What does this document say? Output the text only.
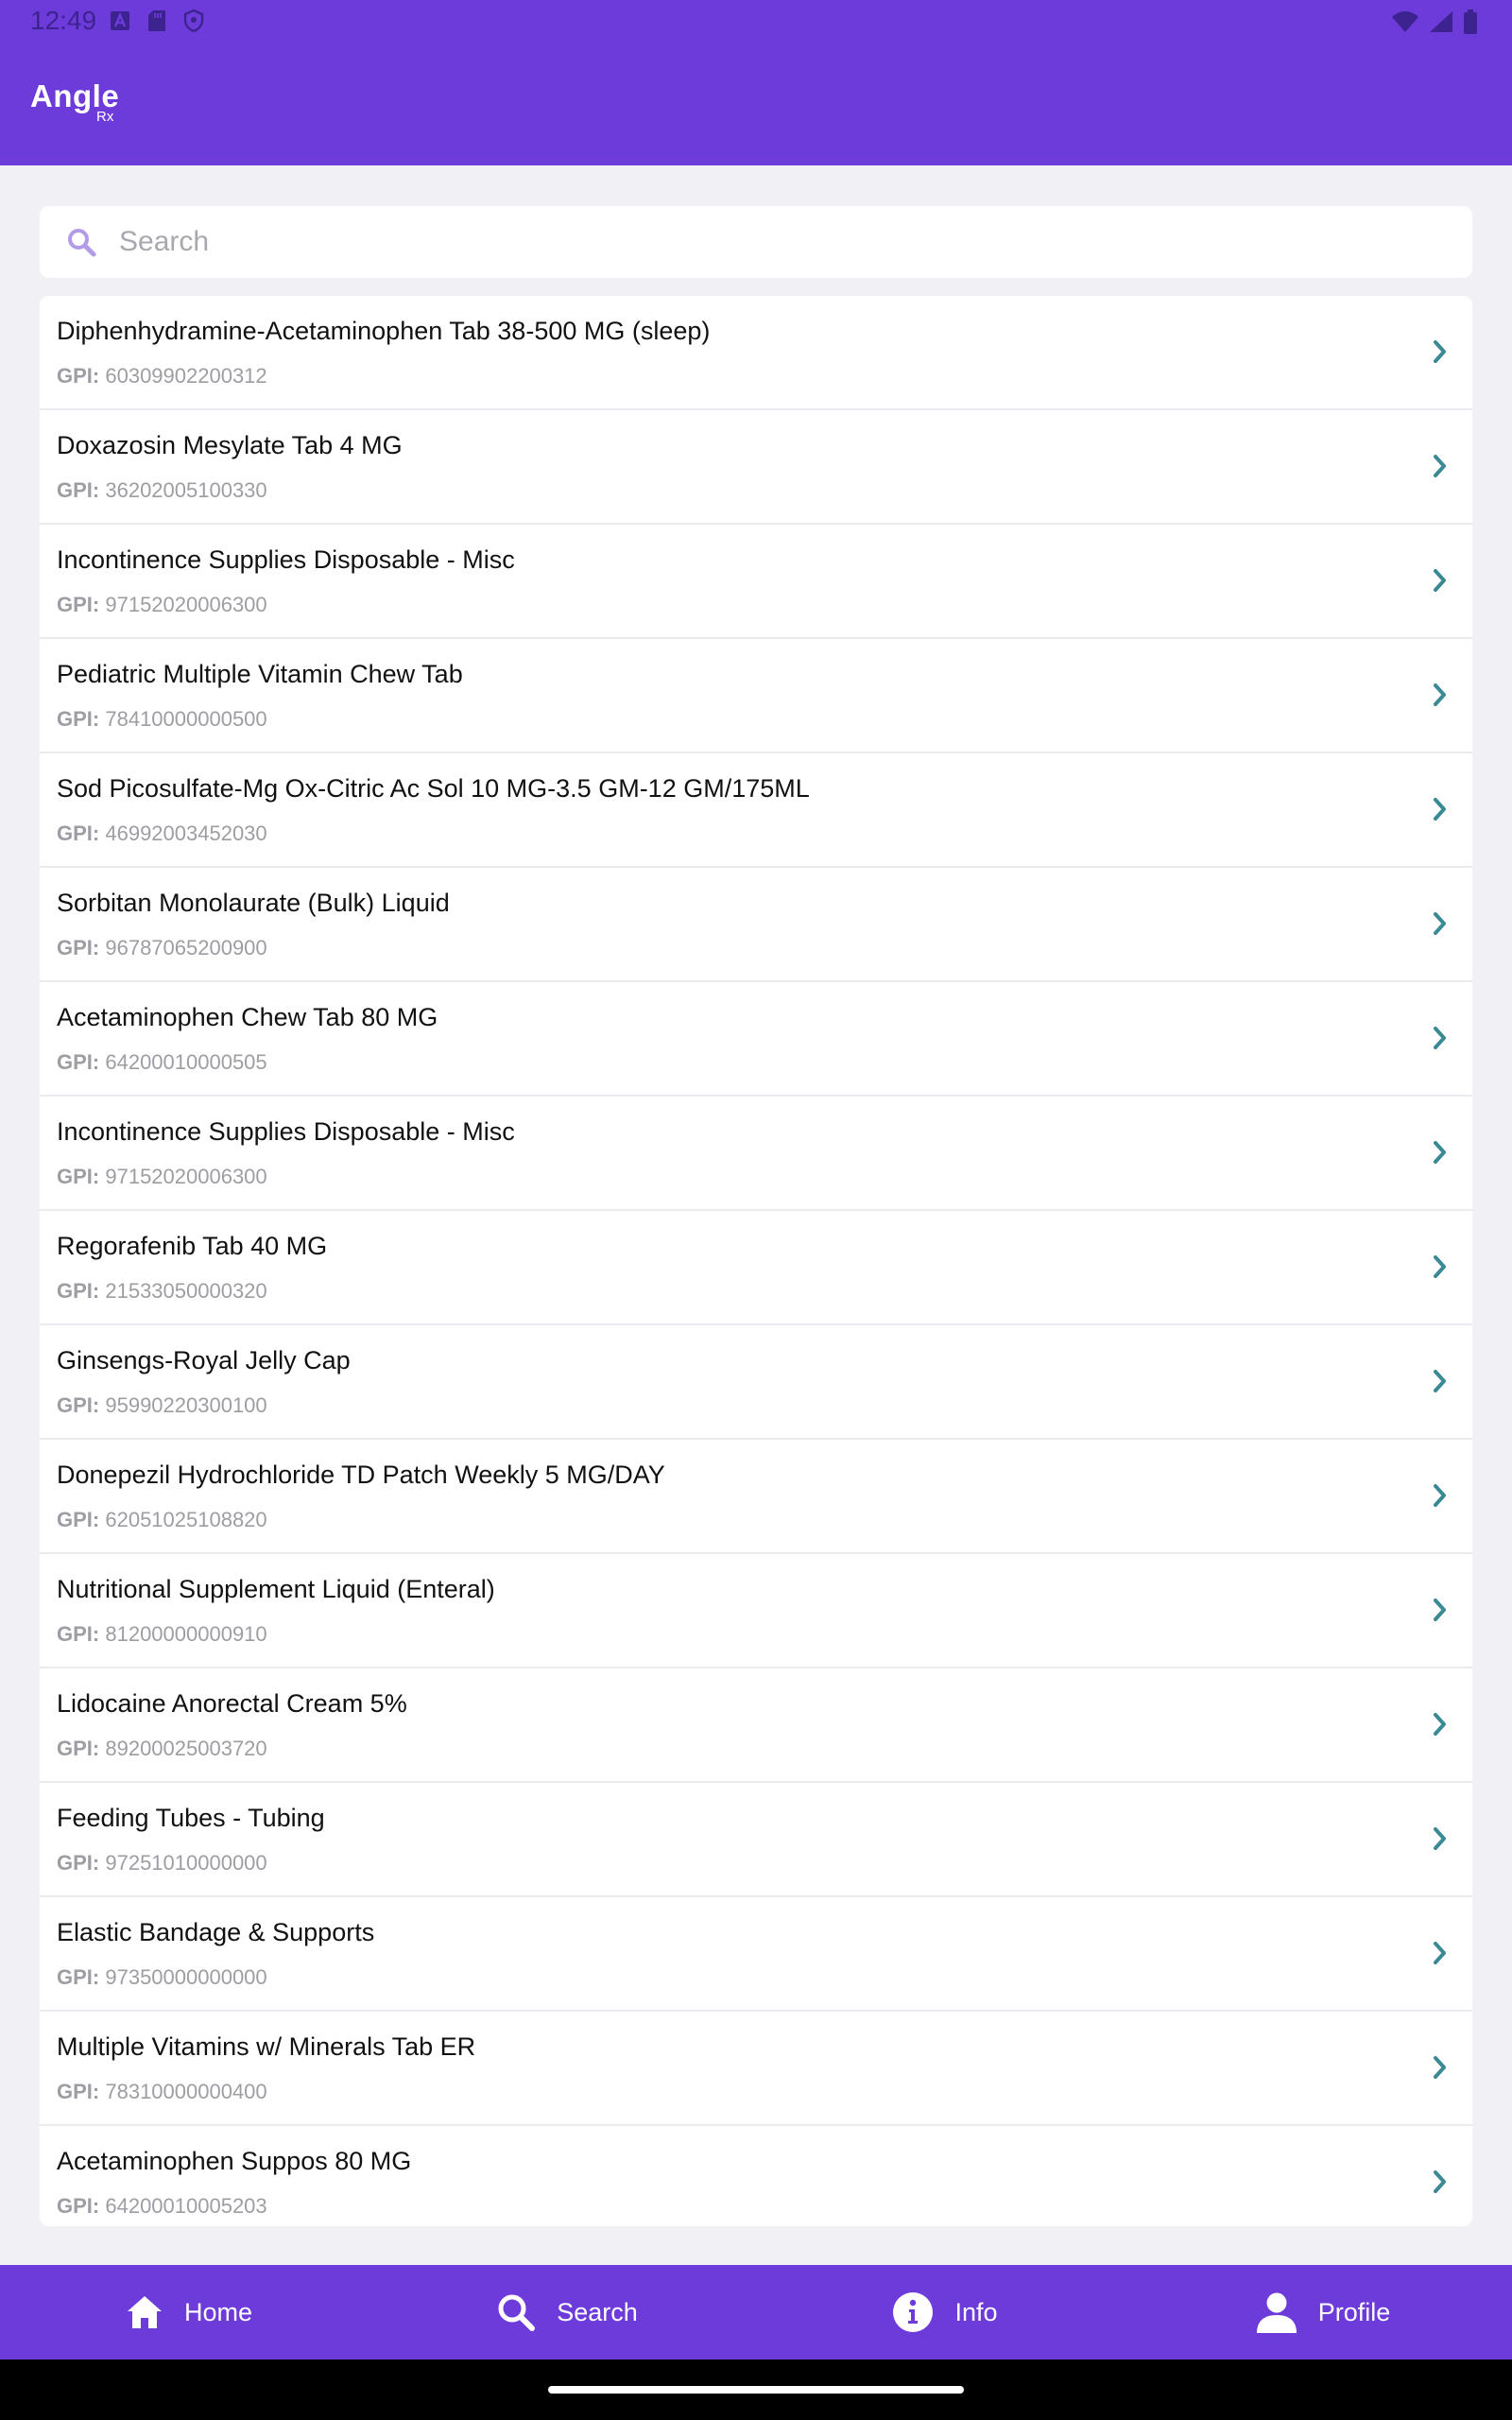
12:49
Angle
Rx
Search
Diphenhydramine-Acetaminophen Tab 38-500 MG (sleep)
GPI: 60309902200312
Doxazosin Mesylate Tab 4 MG
GPI: 36202005100330
Incontinence Supplies Disposable - Misc
GPI: 97152020006300
Pediatric Multiple Vitamin Chew Tab
GPI: 78410000000500
Sod Picosulfate-Mg Ox-Citric Ac Sol 10 MG-3.5 GM-12 GM/175ML
GPI: 46992003452030
Sorbitan Monolaurate (Bulk) Liquid
GPI: 96787065200900
Acetaminophen Chew Tab 80 MG
GPI: 64200010000505
Incontinence Supplies Disposable - Misc
GPI: 97152020006300
Regorafenib Tab 40 MG
GPI: 21533050000320
Ginsengs-Royal Jelly Cap
GPI: 95990220300100
Donepezil Hydrochloride TD Patch Weekly 5 MG/DAY
GPI: 62051025108820
Nutritional Supplement Liquid (Enteral)
GPI: 81200000000910
Lidocaine Anorectal Cream 5%
GPI: 89200025003720
Feeding Tubes - Tubing
GPI: 97251010000000
Elastic Bandage & Supports
GPI: 97350000000000
Multiple Vitamins w/ Minerals Tab ER
GPI: 78310000000400
Acetaminophen Suppos 80 MG
GPI: 64200010005203
Home	Search	Info	Profile
